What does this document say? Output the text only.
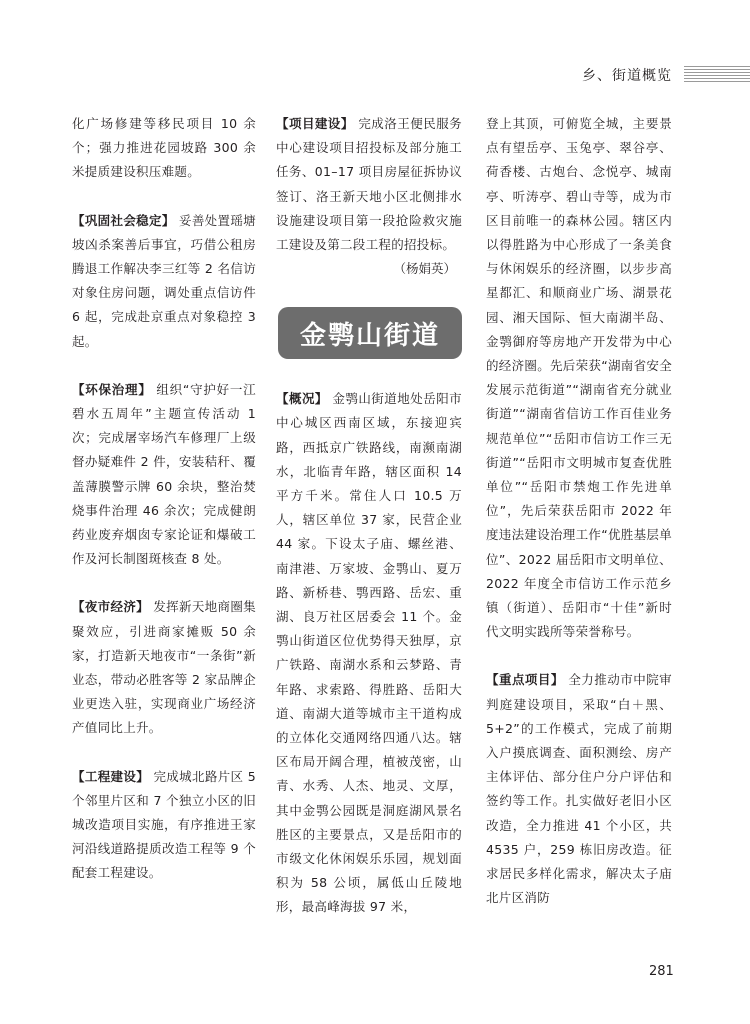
乡、街道概览

化广场修建等移民项目 10 余个；强力推进花园坡路 300 余米提质建设积压难题。

【巩固社会稳定】 妥善处置瑶塘坡凶杀案善后事宜，巧借公租房腾退工作解决李三红等 2 名信访对象住房问题，调处重点信访件 6 起，完成赴京重点对象稳控 3 起。

【环保治理】 组织“守护好一江碧水五周年”主题宣传活动 1 次；完成屠宰场汽车修理厂上级督办疑难件 2 件，安装秸秆、覆盖薄膜警示牌 60 余块，整治焚烧事件治理 46 余次；完成健朗药业废弃烟囱专家论证和爆破工作及河长制图斑核查 8 处。

【夜市经济】 发挥新天地商圈集聚效应，引进商家摊贩 50 余家，打造新天地夜市“一条街”新业态，带动必胜客等 2 家品牌企业更迭入驻，实现商业广场经济产值同比上升。

【工程建设】 完成城北路片区 5 个邻里片区和 7 个独立小区的旧城改造项目实施，有序推进王家河沿线道路提质改造工程等 9 个配套工程建设。

【项目建设】 完成洛王便民服务中心建设项目招投标及部分施工任务、01–17 项目房屋征拆协议签订、洛王新天地小区北侧排水设施建设项目第一段抢险救灾施工建设及第二段工程的招投标。

（杨娟英）

金鹗山街道

【概况】 金鹗山街道地处岳阳市中心城区西南区域，东接迎宾路，西抵京广铁路线，南濒南湖水，北临青年路，辖区面积 14 平方千米。常住人口 10.5 万人，辖区单位 37 家，民营企业 44 家。下设太子庙、螺丝港、南津港、万家坡、金鹗山、夏万路、新桥巷、鹗西路、岳宏、重湖、良万社区居委会 11 个。金鹗山街道区位优势得天独厚，京广铁路、南湖水系和云梦路、青年路、求索路、得胜路、岳阳大道、南湖大道等城市主干道构成的立体化交通网络四通八达。辖区布局开阔合理，植被茂密，山青、水秀、人杰、地灵、文厚，其中金鹗公园既是洞庭湖风景名胜区的主要景点，又是岳阳市的市级文化休闲娱乐乐园，规划面积为 58 公顷，属低山丘陵地形，最高峰海拔 97 米，

登上其顶，可俯览全城，主要景点有望岳亭、玉兔亭、翠谷亭、荷香楼、古炮台、念悦亭、城南亭、听涛亭、碧山寺等，成为市区目前唯一的森林公园。辖区内以得胜路为中心形成了一条美食与休闲娱乐的经济圈，以步步高星都汇、和顺商业广场、湖景花园、湘天国际、恒大南湖半岛、金鹗御府等房地产开发带为中心的经济圈。先后荣获“湖南省安全发展示范街道”“湖南省充分就业街道”“湖南省信访工作百佳业务规范单位”“岳阳市信访工作三无街道”“岳阳市文明城市复查优胜单位”“岳阳市禁炮工作先进单位”，先后荣获岳阳市 2022 年度违法建设治理工作“优胜基层单位”、2022 届岳阳市文明单位、2022 年度全市信访工作示范乡镇（街道）、岳阳市“十佳”新时代文明实践所等荣誉称号。

【重点项目】 全力推动市中院审判庭建设项目，采取“白＋黑、5+2”的工作模式，完成了前期入户摸底调查、面积测绘、房产主体评估、部分住户分户评估和签约等工作。扎实做好老旧小区改造，全力推进 41 个小区，共 4535 户，259 栋旧房改造。征求居民多样化需求，解决太子庙北片区消防

281
